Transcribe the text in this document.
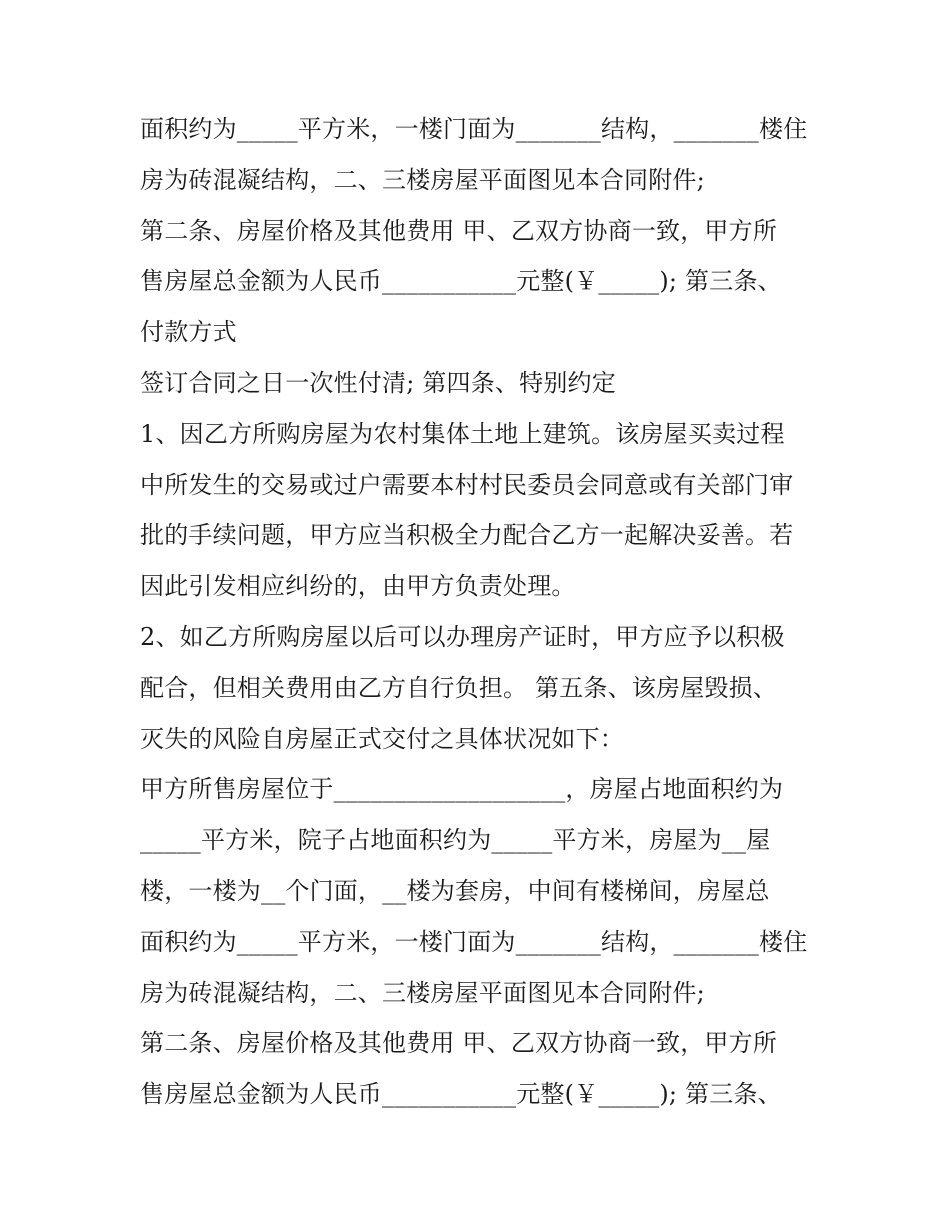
面积约为_____平方米，一楼门面为_______结构，_______楼住
房为砖混凝结构，二、三楼房屋平面图见本合同附件;
第二条、房屋价格及其他费用 甲、乙双方协商一致，甲方所
售房屋总金额为人民币___________元整(￥_____); 第三条、
付款方式
签订合同之日一次性付清; 第四条、特别约定
1、因乙方所购房屋为农村集体土地上建筑。该房屋买卖过程
中所发生的交易或过户需要本村村民委员会同意或有关部门审
批的手续问题，甲方应当积极全力配合乙方一起解决妥善。若
因此引发相应纠纷的，由甲方负责处理。
2、如乙方所购房屋以后可以办理房产证时，甲方应予以积极
配合，但相关费用由乙方自行负担。 第五条、该房屋毁损、
灭失的风险自房屋正式交付之具体状况如下：
甲方所售房屋位于___________________，房屋占地面积约为
_____平方米，院子占地面积约为_____平方米，房屋为__屋
楼，一楼为__个门面，__楼为套房，中间有楼梯间，房屋总
面积约为_____平方米，一楼门面为_______结构，_______楼住
房为砖混凝结构，二、三楼房屋平面图见本合同附件;
第二条、房屋价格及其他费用 甲、乙双方协商一致，甲方所
售房屋总金额为人民币___________元整(￥_____); 第三条、
